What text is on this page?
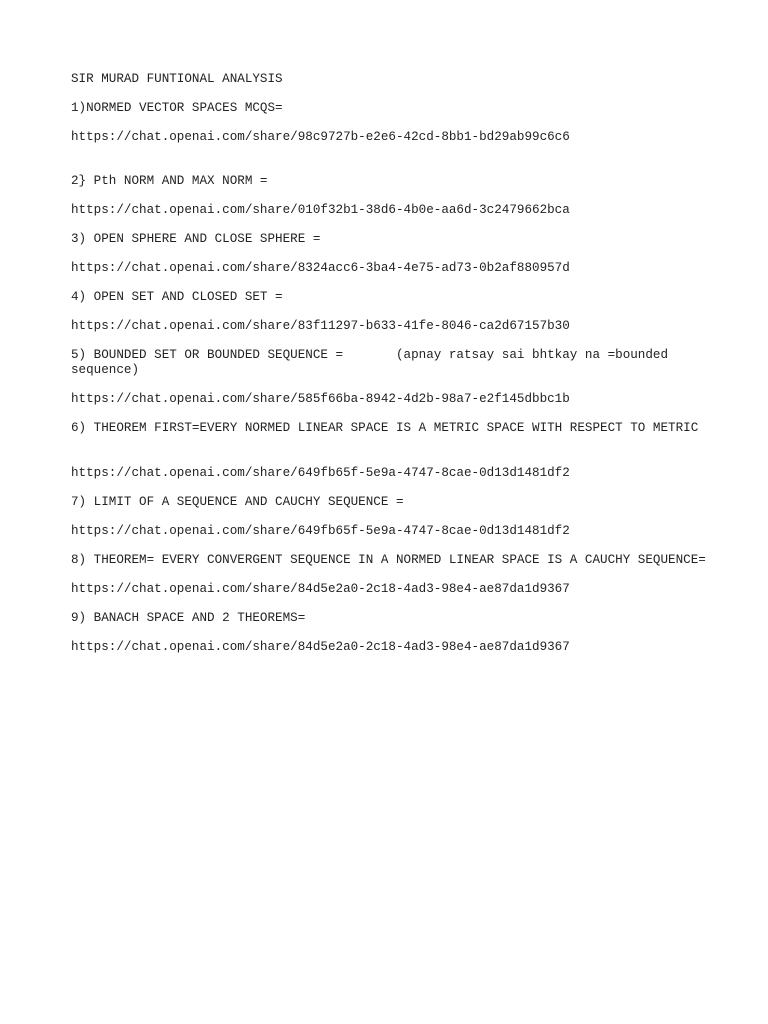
SIR MURAD FUNTIONAL ANALYSIS
1)NORMED VECTOR SPACES MCQS=
https://chat.openai.com/share/98c9727b-e2e6-42cd-8bb1-bd29ab99c6c6
2} Pth NORM AND MAX NORM =
https://chat.openai.com/share/010f32b1-38d6-4b0e-aa6d-3c2479662bca
3) OPEN SPHERE AND CLOSE SPHERE =
https://chat.openai.com/share/8324acc6-3ba4-4e75-ad73-0b2af880957d
4) OPEN SET AND CLOSED SET =
https://chat.openai.com/share/83f11297-b633-41fe-8046-ca2d67157b30
5) BOUNDED SET OR BOUNDED SEQUENCE =       (apnay ratsay sai bhtkay na =bounded sequence)
https://chat.openai.com/share/585f66ba-8942-4d2b-98a7-e2f145dbbc1b
6) THEOREM FIRST=EVERY NORMED LINEAR SPACE IS A METRIC SPACE WITH RESPECT TO METRIC
https://chat.openai.com/share/649fb65f-5e9a-4747-8cae-0d13d1481df2
7) LIMIT OF A SEQUENCE AND CAUCHY SEQUENCE =
https://chat.openai.com/share/649fb65f-5e9a-4747-8cae-0d13d1481df2
8) THEOREM= EVERY CONVERGENT SEQUENCE IN A NORMED LINEAR SPACE IS A CAUCHY SEQUENCE=
https://chat.openai.com/share/84d5e2a0-2c18-4ad3-98e4-ae87da1d9367
9) BANACH SPACE AND 2 THEOREMS=
https://chat.openai.com/share/84d5e2a0-2c18-4ad3-98e4-ae87da1d9367
